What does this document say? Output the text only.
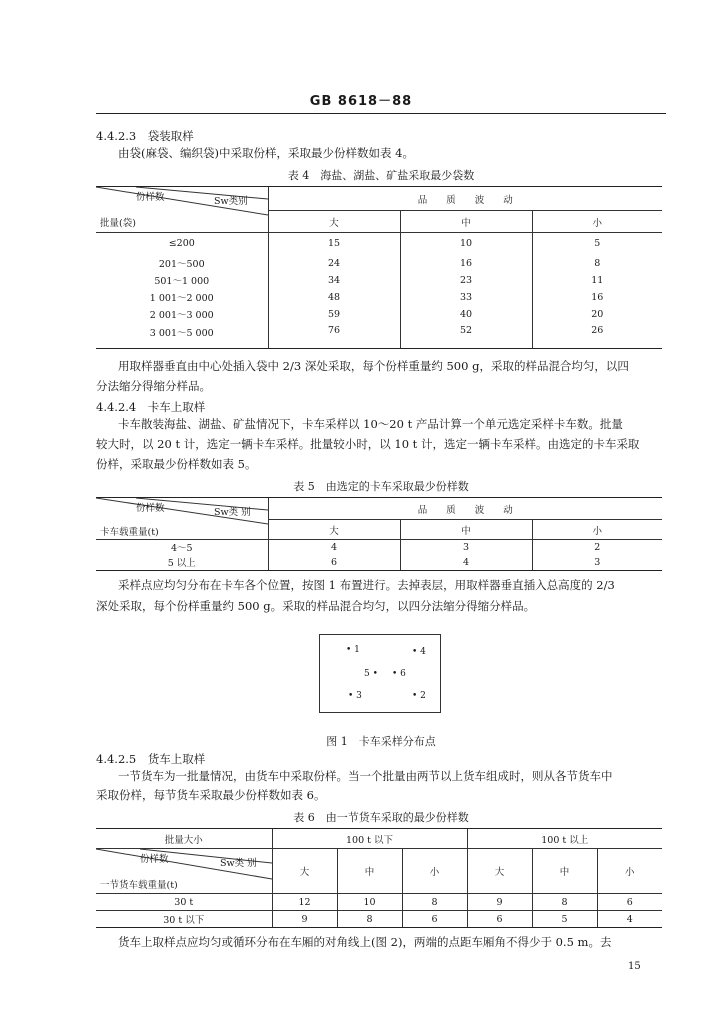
GB 8618－88
4.4.2.3　袋装取样
由袋(麻袋、编织袋)中采取份样，采取最少份样数如表 4。
表 4　海盐、湖盐、矿盐采取最少袋数
份样数 Sw类别
批量(袋)	品　　质　　波　　动		
	大	中	小
≤200	15	10	5
201～500	24	16	8
501～1 000	34	23	11
1 001～2 000	48	33	16
2 001～3 000	59	40	20
3 001～5 000	76	52	26
用取样器垂直由中心处插入袋中 2/3 深处采取，每个份样重量约 500 g，采取的样品混合均匀，以四
分法缩分得缩分样品。
4.4.2.4　卡车上取样
卡车散装海盐、湖盐、矿盐情况下，卡车采样以 10～20 t 产品计算一个单元选定采样卡车数。批量
较大时，以 20 t 计，选定一辆卡车采样。批量较小时，以 10 t 计，选定一辆卡车采样。由选定的卡车采取
份样，采取最少份样数如表 5。
表 5　由选定的卡车采取最少份样数
份样数 Sw类 别
卡车载重量(t)	品　　质　　波　　动		
	大	中	小
4～5	4	3	2
5 以上	6	4	3
采样点应均匀分布在卡车各个位置，按图 1 布置进行。去掉表层，用取样器垂直插入总高度的 2/3
深处采取，每个份样重量约 500 g。采取的样品混合均匀，以四分法缩分得缩分样品。
• 1	• 4
5 • • 6
• 3	• 2
图 1　卡车采样分布点
4.4.2.5　货车上取样
一节货车为一批量情况，由货车中采取份样。当一个批量由两节以上货车组成时，则从各节货车中
采取份样，每节货车采取最少份样数如表 6。
表 6　由一节货车采取的最少份样数
批量大小	100 t 以下			100 t 以上		

份样数 Sw类 别
一节货车载重量(t)	大	中	小	大	中	小
30 t	12	10	8	9	8	6
30 t 以下	9	8	6	6	5	4
货车上取样点应均匀或循环分布在车厢的对角线上(图 2)，两端的点距车厢角不得少于 0.5 m。去
15
